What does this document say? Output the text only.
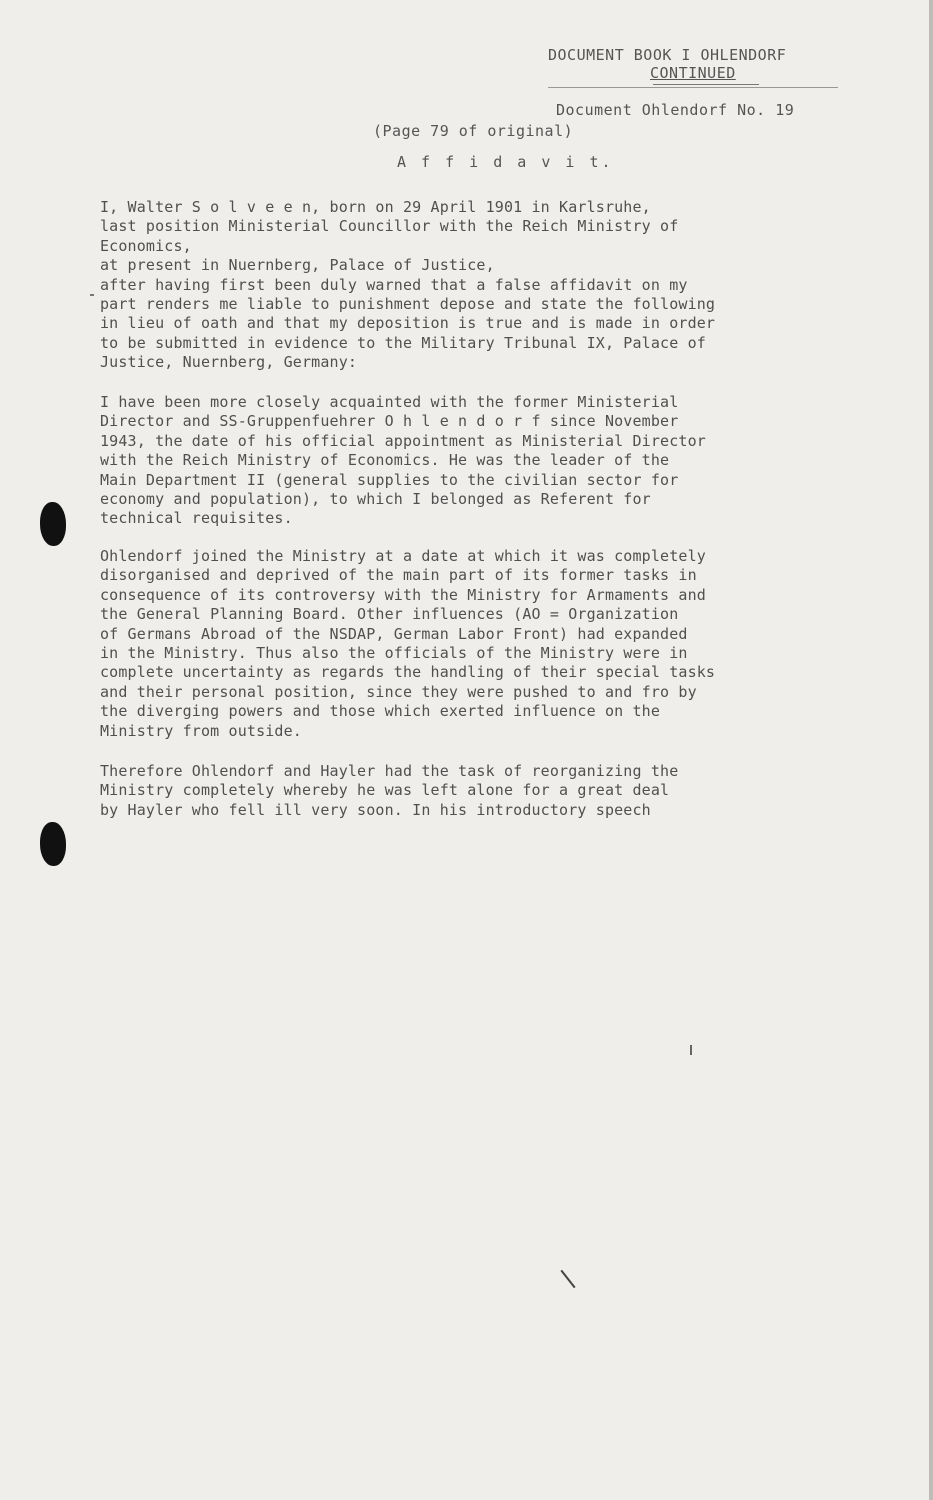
DOCUMENT BOOK I OHLENDORF
CONTINUED
Document Ohlendorf No. 19
(Page 79 of original)
A f f i d a v i t.
I, Walter S o l v e e n, born on 29 April 1901 in Karlsruhe,
last position Ministerial Councillor with the Reich Ministry of
Economics,
at present in Nuernberg, Palace of Justice,
after having first been duly warned that a false affidavit on my
part renders me liable to punishment depose and state the following
in lieu of oath and that my deposition is true and is made in order
to be submitted in evidence to the Military Tribunal IX, Palace of
Justice, Nuernberg, Germany:
I have been more closely acquainted with the former Ministerial
Director and SS-Gruppenfuehrer O h l e n d o r f since November
1943, the date of his official appointment as Ministerial Director
with the Reich Ministry of Economics. He was the leader of the
Main Department II (general supplies to the civilian sector for
economy and population), to which I belonged as Referent for
technical requisites.
Ohlendorf joined the Ministry at a date at which it was completely
disorganised and deprived of the main part of its former tasks in
consequence of its controversy with the Ministry for Armaments and
the General Planning Board. Other influences (AO = Organization
of Germans Abroad of the NSDAP, German Labor Front) had expanded
in the Ministry. Thus also the officials of the Ministry were in
complete uncertainty as regards the handling of their special tasks
and their personal position, since they were pushed to and fro by
the diverging powers and those which exerted influence on the
Ministry from outside.
Therefore Ohlendorf and Hayler had the task of reorganizing the
Ministry completely whereby he was left alone for a great deal
by Hayler who fell ill very soon. In his introductory speech
